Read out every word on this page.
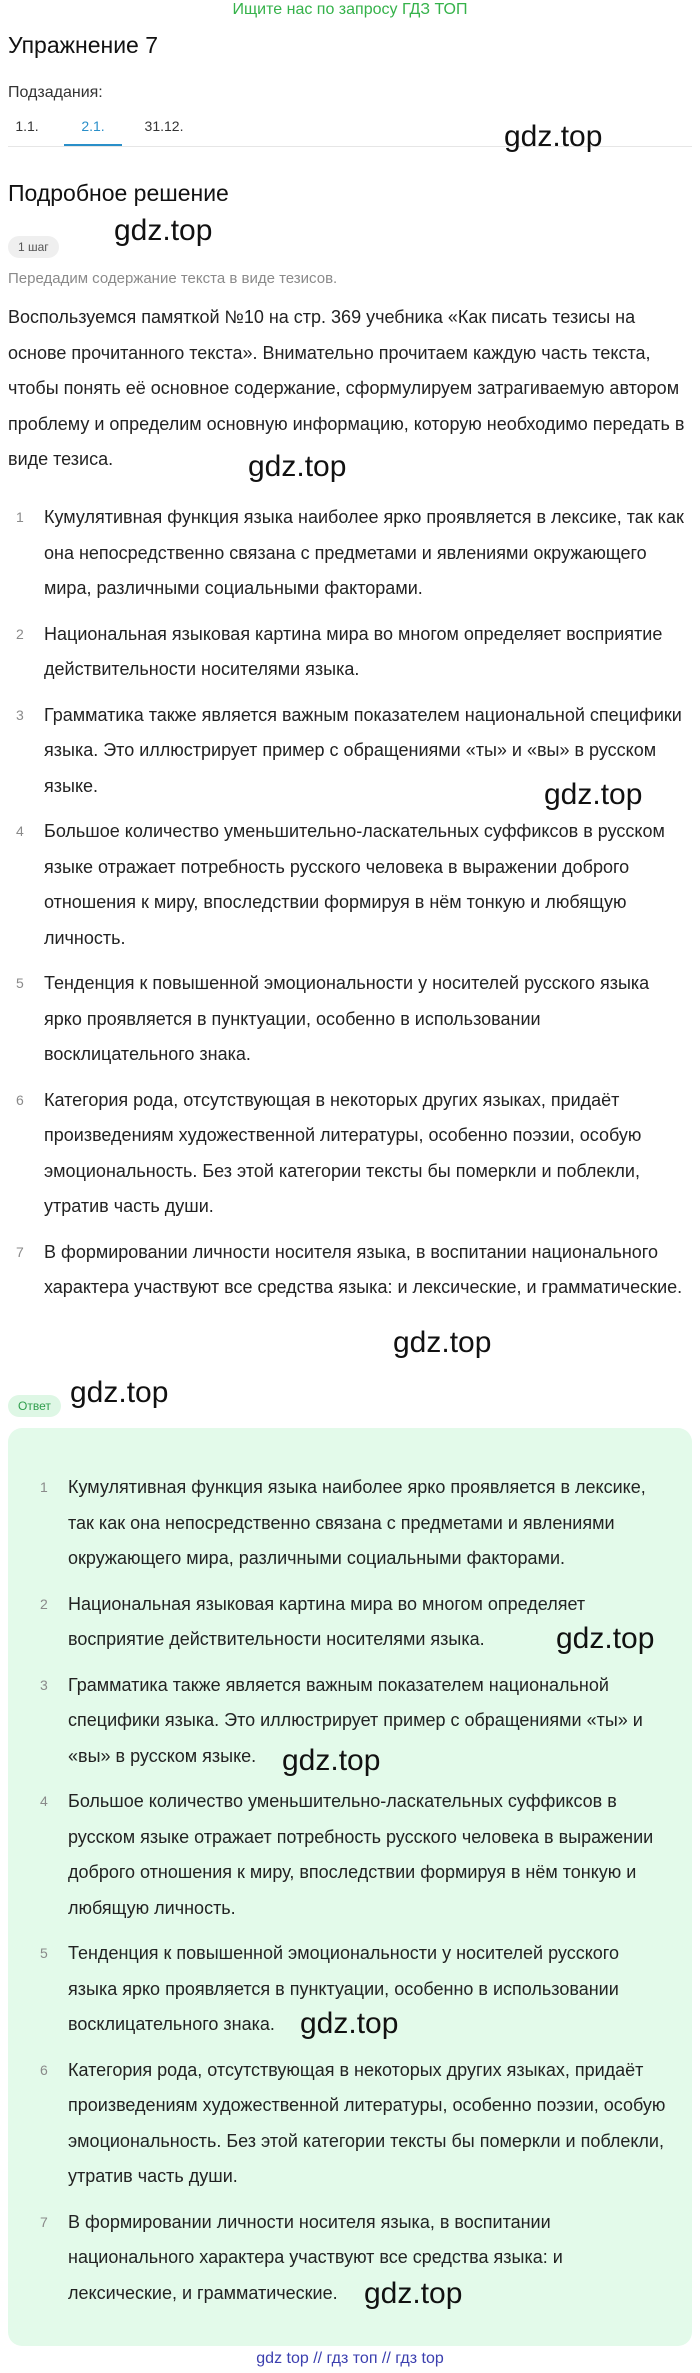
Ищите нас по запросу ГДЗ ТОП
Упражнение 7
Подзадания:
1.1.	2.1.	31.12.	gdz.top
Подробное решение
1 шаг	gdz.top
Передадим содержание текста в виде тезисов.
Воспользуемся памяткой №10 на стр. 369 учебника «Как писать тезисы на основе прочитанного текста». Внимательно прочитаем каждую часть текста, чтобы понять её основное содержание, сформулируем затрагиваемую автором проблему и определим основную информацию, которую необходимо передать в виде тезиса.	gdz.top
1 Кумулятивная функция языка наиболее ярко проявляется в лексике, так как она непосредственно связана с предметами и явлениями окружающего мира, различными социальными факторами.
2 Национальная языковая картина мира во многом определяет восприятие действительности носителями языка.
3 Грамматика также является важным показателем национальной специфики языка. Это иллюстрирует пример с обращениями «ты» и «вы» в русском языке.
4 Большое количество уменьшительно-ласкательных суффиксов в русском языке отражает потребность русского человека в выражении доброго отношения к миру, впоследствии формируя в нём тонкую и любящую личность.
5 Тенденция к повышенной эмоциональности у носителей русского языка ярко проявляется в пунктуации, особенно в использовании восклицательного знака.
6 Категория рода, отсутствующая в некоторых других языках, придаёт произведениям художественной литературы, особенно поэзии, особую эмоциональность. Без этой категории тексты бы померкли и поблекли, утратив часть души.
7 В формировании личности носителя языка, в воспитании национального характера участвуют все средства языка: и лексические, и грамматические.
gdz.top
gdz.top
Ответ gdz.top
1 Кумулятивная функция языка наиболее ярко проявляется в лексике, так как она непосредственно связана с предметами и явлениями окружающего мира, различными социальными факторами.
2 Национальная языковая картина мира во многом определяет восприятие действительности носителями языка.
3 Грамматика также является важным показателем национальной специфики языка. Это иллюстрирует пример с обращениями «ты» и «вы» в русском языке.
4 Большое количество уменьшительно-ласкательных суффиксов в русском языке отражает потребность русского человека в выражении доброго отношения к миру, впоследствии формируя в нём тонкую и любящую личность.
5 Тенденция к повышенной эмоциональности у носителей русского языка ярко проявляется в пунктуации, особенно в использовании восклицательного знака.
6 Категория рода, отсутствующая в некоторых других языках, придаёт произведениям художественной литературы, особенно поэзии, особую эмоциональность. Без этой категории тексты бы померкли и поблекли, утратив часть души.
7 В формировании личности носителя языка, в воспитании национального характера участвуют все средства языка: и лексические, и грамматические.
gdz.top
gdz.top
gdz.top
gdz.top
gdz top // гдз топ // гдз top
